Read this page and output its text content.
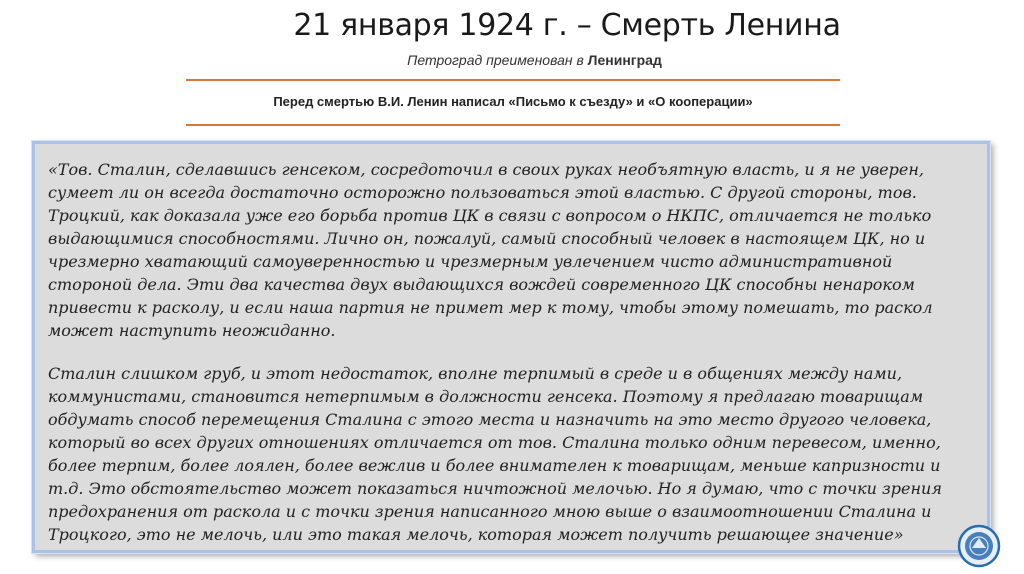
21 января 1924 г. – Смерть Ленина
Петроград преименован в Ленинград
Перед смертью В.И. Ленин написал «Письмо к съезду» и «О кооперации»

«Тов. Сталин, сделавшись генсеком, сосредоточил в своих руках необъятную власть, и я не уверен, сумеет ли он всегда достаточно осторожно пользоваться этой властью. С другой стороны, тов. Троцкий, как доказала уже его борьба против ЦК в связи с вопросом о НКПС, отличается не только выдающимися способностями. Лично он, пожалуй, самый способный человек в настоящем ЦК, но и чрезмерно хватающий самоуверенностью и чрезмерным увлечением чисто административной стороной дела. Эти два качества двух выдающихся вождей современного ЦК способны ненароком привести к расколу, и если наша партия не примет мер к тому, чтобы этому помешать, то раскол может наступить неожиданно.

Сталин слишком груб, и этот недостаток, вполне терпимый в среде и в общениях между нами, коммунистами, становится нетерпимым в должности генсека. Поэтому я предлагаю товарищам обдумать способ перемещения Сталина с этого места и назначить на это место другого человека, который во всех других отношениях отличается от тов. Сталина только одним перевесом, именно, более терпим, более лоялен, более вежлив и более внимателен к товарищам, меньше капризности и т.д. Это обстоятельство может показаться ничтожной мелочью. Но я думаю, что с точки зрения предохранения от раскола и с точки зрения написанного мною выше о взаимоотношении Сталина и Троцкого, это не мелочь, или это такая мелочь, которая может получить решающее значение»
